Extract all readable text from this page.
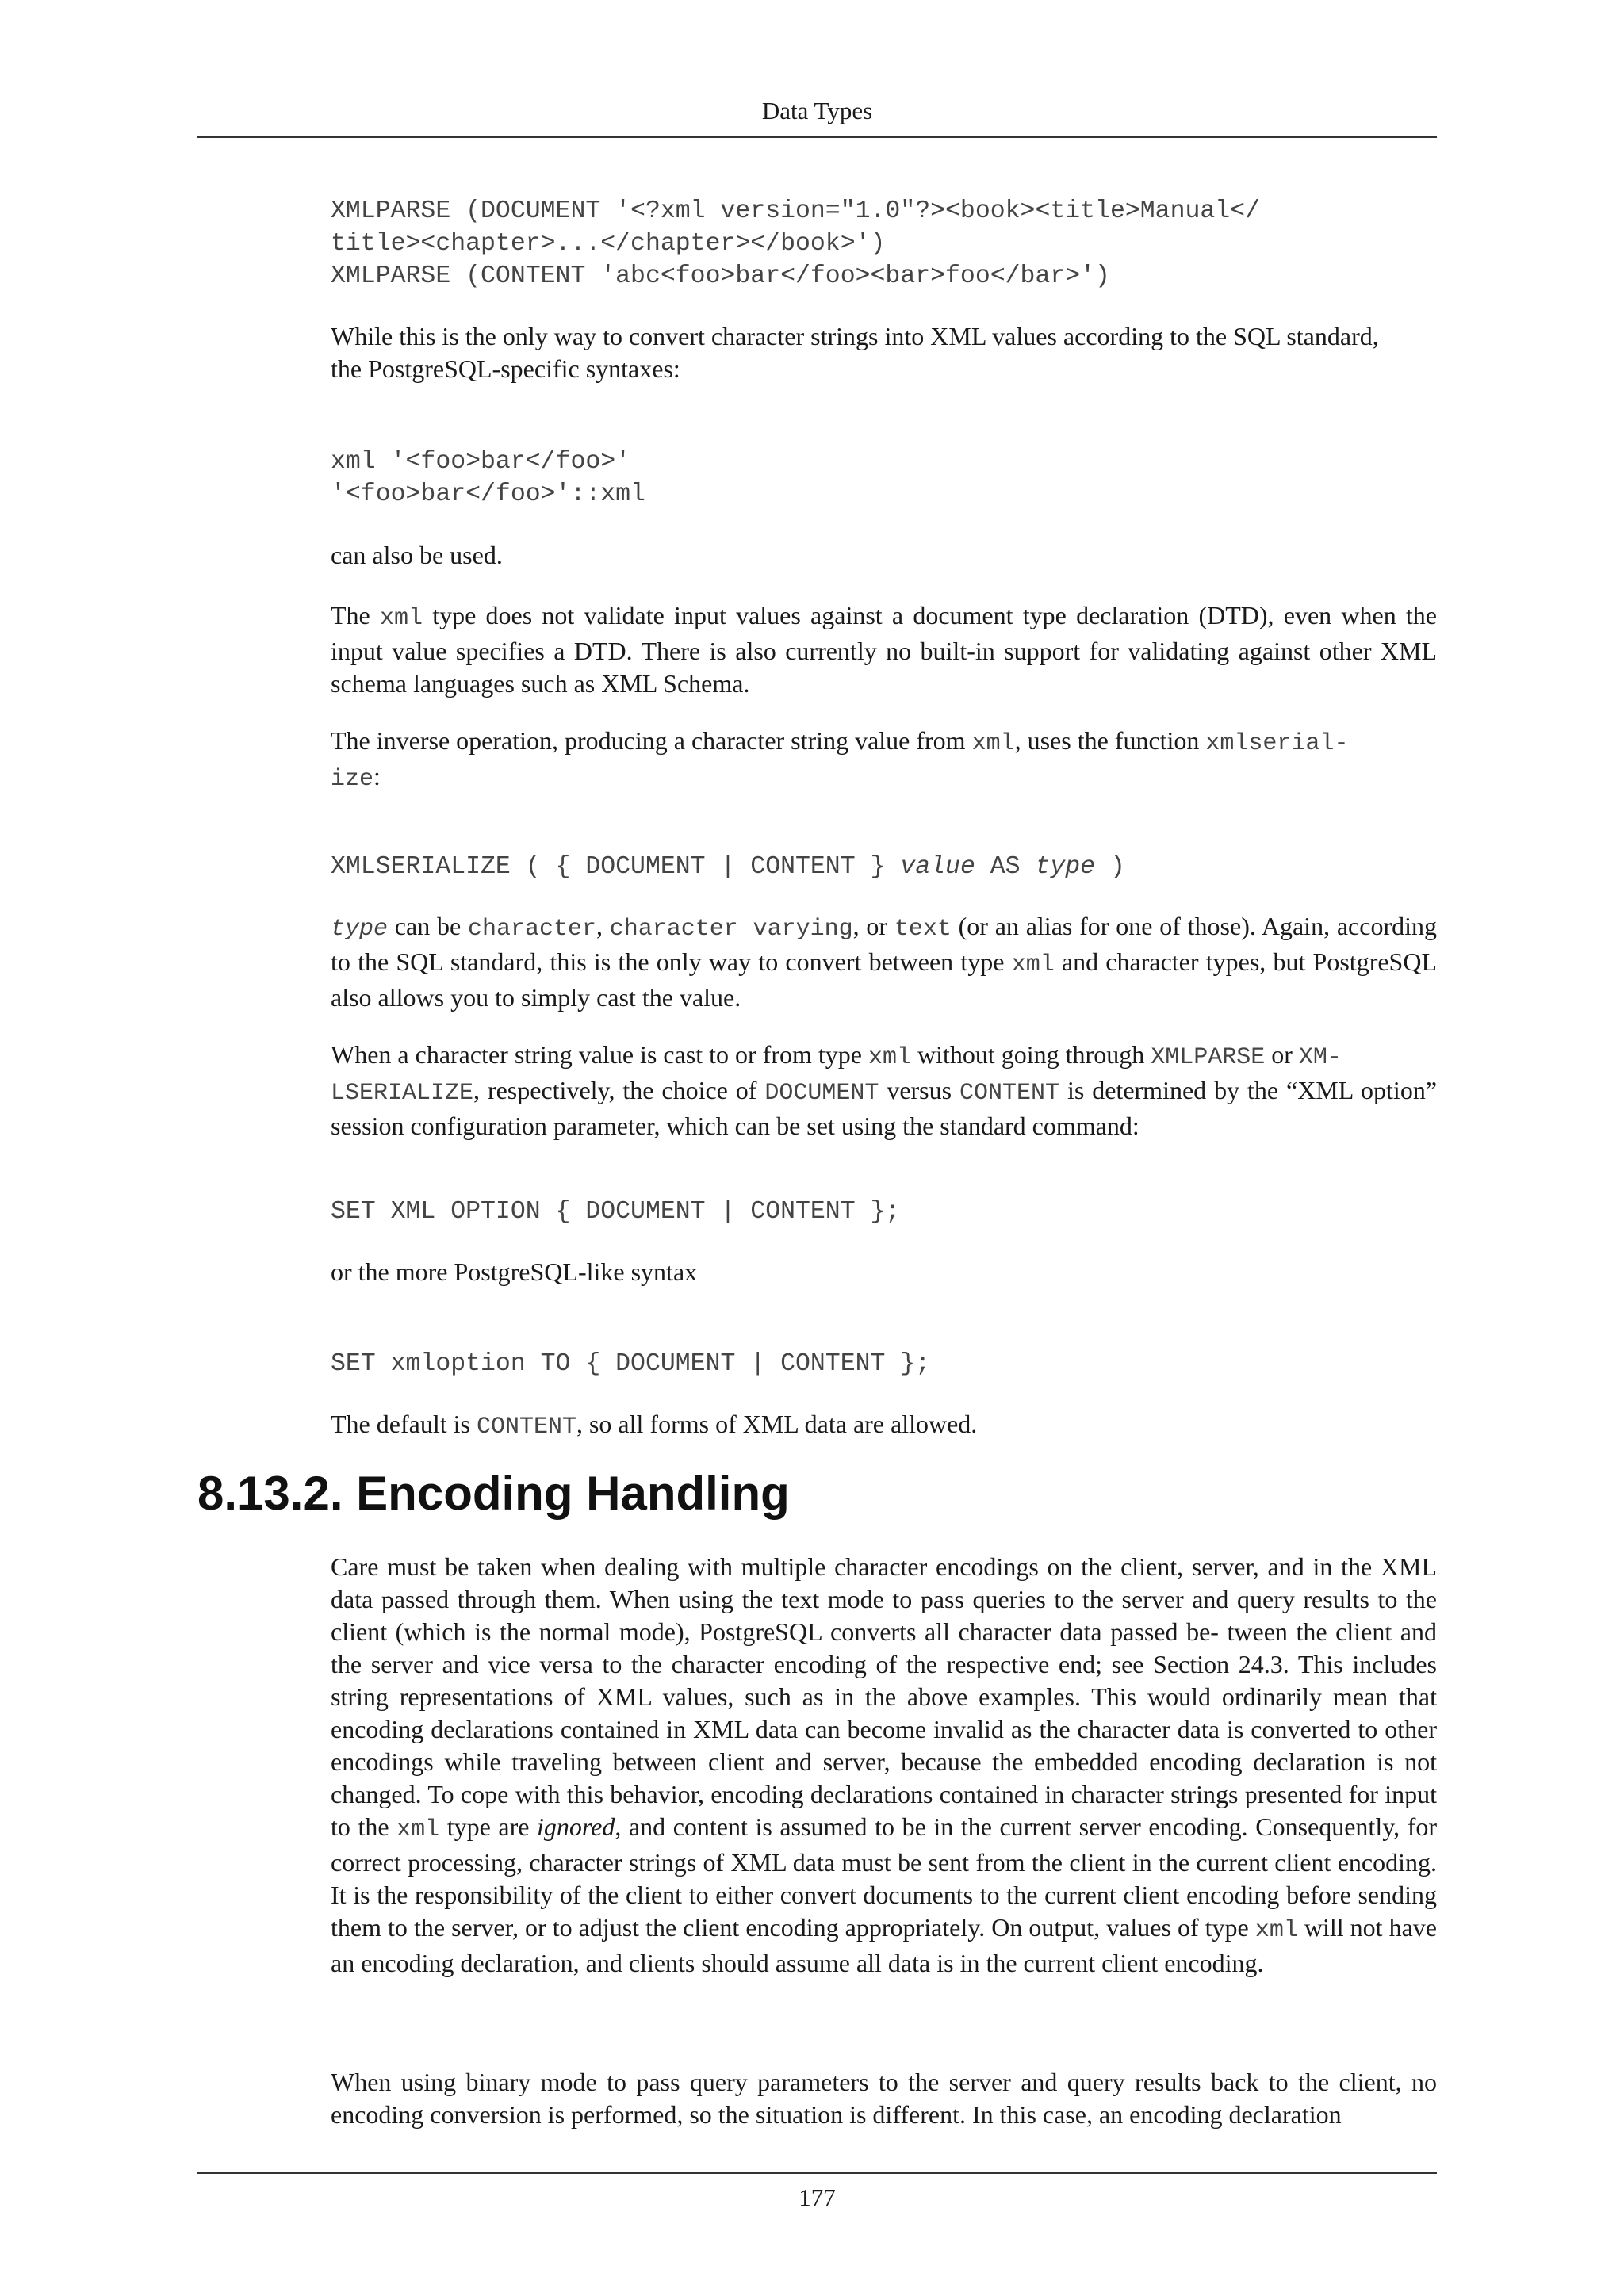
Data Types
XMLPARSE (DOCUMENT '<?xml version="1.0"?><book><title>Manual</
title><chapter>...</chapter></book>')
XMLPARSE (CONTENT 'abc<foo>bar</foo><bar>foo</bar>')

While this is the only way to convert character strings into XML values according to the SQL standard,
the PostgreSQL-specific syntaxes:

xml '<foo>bar</foo>'
'<foo>bar</foo>'::xml

can also be used.

The xml type does not validate input values against a document type declaration (DTD), even when the input value specifies a DTD. There is also currently no built-in support for validating against other XML schema languages such as XML Schema.

The inverse operation, producing a character string value from xml, uses the function xmlserial-
ize:

XMLSERIALIZE ( { DOCUMENT | CONTENT } value AS type )

type can be character, character varying, or text (or an alias for one of those). Again, according to the SQL standard, this is the only way to convert between type xml and character types, but PostgreSQL also allows you to simply cast the value.

When a character string value is cast to or from type xml without going through XMLPARSE or XM-
LSERIALIZE, respectively, the choice of DOCUMENT versus CONTENT is determined by the “XML option” session configuration parameter, which can be set using the standard command:

SET XML OPTION { DOCUMENT | CONTENT };

or the more PostgreSQL-like syntax

SET xmloption TO { DOCUMENT | CONTENT };

The default is CONTENT, so all forms of XML data are allowed.

8.13.2. Encoding Handling

Care must be taken when dealing with multiple character encodings on the client, server, and in the XML data passed through them. When using the text mode to pass queries to the server and query results to the client (which is the normal mode), PostgreSQL converts all character data passed be- tween the client and the server and vice versa to the character encoding of the respective end; see Section 24.3. This includes string representations of XML values, such as in the above examples. This would ordinarily mean that encoding declarations contained in XML data can become invalid as the character data is converted to other encodings while traveling between client and server, because the embedded encoding declaration is not changed. To cope with this behavior, encoding declarations contained in character strings presented for input to the xml type are ignored, and content is assumed to be in the current server encoding. Consequently, for correct processing, character strings of XML data must be sent from the client in the current client encoding. It is the responsibility of the client to either convert documents to the current client encoding before sending them to the server, or to adjust the client encoding appropriately. On output, values of type xml will not have an encoding declaration, and clients should assume all data is in the current client encoding.

When using binary mode to pass query parameters to the server and query results back to the client, no encoding conversion is performed, so the situation is different. In this case, an encoding declaration

177
